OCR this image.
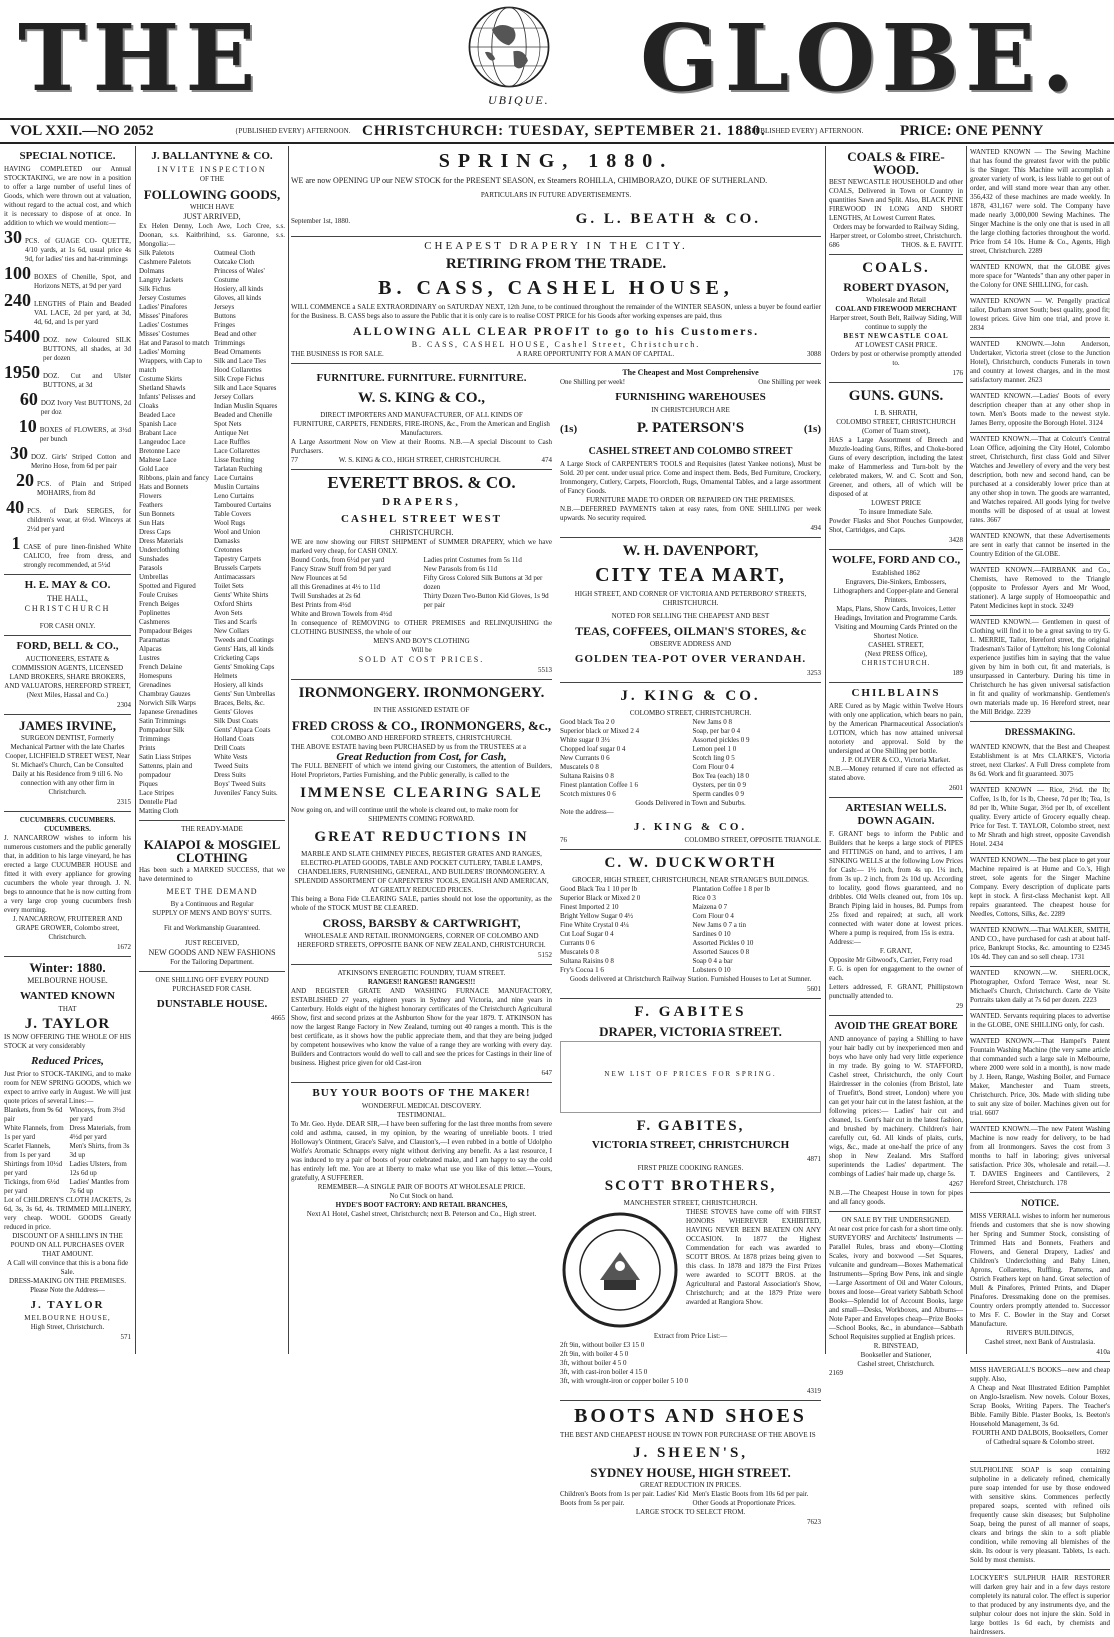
THE	UBIQUE. GLOBE.
VOL XXII.—NO 2052	{PUBLISHED EVERY} AFTERNOON. CHRISTCHURCH: TUESDAY, SEPTEMBER 21. 1880.
{PUBLISHED EVERY} AFTERNOON. PRICE: ONE PENNY
SPECIAL NOTICE.
HAVING COMPLETED our Annual STOCKTAKING, we are now in a position to offer a large number of useful lines of Goods, which were thrown out at valuation, without regard to the actual cost, and which it is necessary to dispose of at once. In addition to which we would mention:—
30 PCS. of GUAGE CO- QUETTE, 4/10 yards, at 1s 6d, usual price 4s 9d, for ladies' ties and hat-trimmings
100 BOXES of Chenille, Spot, and Horizons NETS, at 9d per yard
240 LENGTHS of Plain and Beaded VAL LACE, 2d per yard, at 3d, 4d, 6d, and 1s per yard
5400 DOZ. new Coloured SILK BUTTONS, all shades, at 3d per dozen
1950 DOZ. Cut and Ulster BUTTONS, at 3d
60 DOZ Ivory Vest BUTTONS, 2d per doz
10 BOXES of FLOWERS, at 3½d per bunch
30 DOZ. Girls' Striped Cotton and Merino Hose, from 6d per pair
20 PCS. of Plain and Striped MOHAIRS, from 8d
40 PCS. of Dark SERGES, for children's wear, at 6½d. Winceys at 2½d per yard
1 CASE of pure linen-finished White CALICO, free from dress, and strongly recommended, at 5½d
H. E. MAY & CO.
THE HALL,
CHRISTCHURCH
FOR CASH ONLY.
FORD, BELL & CO.,
AUCTIONEERS, ESTATE & COMMISSION AGENTS, LICENSED LAND BROKERS, SHARE BROKERS, AND VALUATORS, HEREFORD STREET, (Next Miles, Hassal and Co.)
2304
JAMES IRVINE,
SURGEON DENTIST, Formerly Mechanical Partner with the late Charles Cooper, LICHFIELD STREET WEST, Near St. Michael's Church, Can be Consulted Daily at his Residence from 9 till 6. No connection with any other firm in Christchurch.
2315
CUCUMBERS. CUCUMBERS. CUCUMBERS.
J. NANCARROW wishes to inform his numerous customers and the public generally that, in addition to his large vineyard, he has erected a large CUCUMBER HOUSE and fitted it with every appliance for growing cucumbers the whole year through. J. N. begs to announce that he is now cutting from a very large crop young cucumbers fresh every morning.
J. NANCARROW, FRUITERER AND GRAPE GROWER, Colombo street, Christchurch.
1672
Winter: 1880.
MELBOURNE HOUSE.
WANTED KNOWN
THAT
J. TAYLOR
IS NOW OFFERING THE WHOLE OF HIS STOCK at very considerably
Reduced Prices,
Just Prior to STOCK-TAKING, and to make room for NEW SPRING GOODS, which we expect to arrive early in August. We will just quote prices of several Lines:—
Blankets, from 9s 6d pair
White Flannels, from 1s per yard
Scarlet Flannels, from 1s per yard
Shirtings from 10½d per yard
Tickings, from 6½d per yard
Winceys, from 3½d per yard
Dress Materials, from 4½d per yard
Men's Shirts, from 3s 3d up
Ladies Ulsters, from 12s 6d up
Ladies' Mantles from 7s 6d up
Lot of CHILDREN'S CLOTH JACKETS, 2s 6d, 3s, 3s 6d, 4s. TRIMMED MILLINERY, very cheap. WOOL GOODS Greatly reduced in price.
DISCOUNT OF A SHILLIN'S IN THE POUND ON ALL PURCHASES OVER THAT AMOUNT.
A Call will convince that this is a bona fide Sale.
DRESS-MAKING ON THE PREMISES.
Please Note the Address—
J. TAYLOR
MELBOURNE HOUSE,
High Street, Christchurch.
571
J. BALLANTYNE & CO.
INVITE INSPECTION
OF THE
FOLLOWING GOODS,
WHICH HAVE
JUST ARRIVED,
Ex Helen Denny, Loch Awe, Loch Cree, s.s. Doonan, s.s. Kaitbrihind, s.s. Garonne, s.s. Mongolia:—
Silk Paletots
Cashmere Paletots
Dolmans
Langtry Jackets
Silk Fichus
Jersey Costumes
Ladies' Pinafores
Misses' Pinafores
Ladies' Costumes
Misses' Costumes
Hat and Parasol to match
Ladies' Morning Wrappers, with Cap to match
Costume Skirts
Shetland Shawls
Infants' Pelisses and Cloaks
Beaded Lace
Spanish Lace
Brabant Lace
Langeudoc Lace
Bretonne Lace
Maltese Lace
Gold Lace
Ribbons, plain and fancy
Hats and Bonnets
Flowers
Feathers
Sun Bonnets
Sun Hats
Dress Caps
Dress Materials
Underclothing
Sunshades
Parasols
Umbrellas
Spotted and Figured Foule Cruises
French Beiges
Poplinettes
Cashmeres
Pompadour Beiges
Paramattas
Alpacas
Lustres
French Delaine
Homespuns
Grenadines
Chambray Gauzes
Norwich Silk Warps
Japanese Grenadines
Satin Trimmings
Pompadour Silk Trimmings
Prints
Satin Liass Stripes
Sattenns, plain and pompadour
Piques
Lace Stripes
Dentelle Plad
Matting Cloth
Oatmeal Cloth
Oatcake Cloth
Princess of Wales' Costume
Hosiery, all kinds
Gloves, all kinds
Jerseys
Buttons
Fringes
Bead and other Trimmings
Bead Ornaments
Silk and Lace Ties
Hood Collarettes
Silk Crepe Fichus
Silk and Lace Squares
Jersey Collars
Indian Muslin Squares
Beaded and Chenille Spot Nets
Antique Net
Lace Ruffles
Lace Collarettes
Lisse Ruching
Tarlatan Ruching
Lace Curtains
Muslin Curtains
Leno Curtains
Tamboured Curtains
Table Covers
Wool Rugs
Wool and Union Damasks
Cretonnes
Tapestry Carpets
Brussels Carpets
Antimacassars
Toilet Sets
Gents' White Shirts
Oxford Shirts
Avon Sets
Ties and Scarfs
New Collars
Tweeds and Coatings
Gents' Hats, all kinds
Cricketing Caps
Gents' Smoking Caps
Helmets
Hosiery, all kinds
Gents' Sun Umbrellas
Braces, Belts, &c.
Gents' Gloves
Silk Dust Coats
Gents' Alpaca Coats
Holland Coats
Drill Coats
White Vests
Tweed Suits
Dress Suits
Boys' Tweed Suits
Juveniles' Fancy Suits.
THE READY-MADE
KAIAPOI & MOSGIEL CLOTHING
Has been such a MARKED SUCCESS, that we have determined to
MEET THE DEMAND
By a Continuous and Regular
SUPPLY OF MEN'S AND BOYS' SUITS.
Fit and Workmanship Guaranteed.
JUST RECEIVED,
NEW GOODS AND NEW FASHIONS
For the Tailoring Department.
ONE SHILLING OFF EVERY POUND PURCHASED FOR CASH.
DUNSTABLE HOUSE.
4665
SPRING, 1880.
WE are now OPENING UP our NEW STOCK for the PRESENT SEASON, ex Steamers ROHILLA, CHIMBORAZO, DUKE OF SUTHERLAND.
PARTICULARS IN FUTURE ADVERTISEMENTS.
September 1st, 1880.	G. L. BEATH & CO.
CHEAPEST DRAPERY IN THE CITY.
RETIRING FROM THE TRADE.
B. CASS, CASHEL HOUSE,
WILL COMMENCE a SALE EXTRAORDINARY on SATURDAY NEXT, 12th June, to be continued throughout the remainder of the WINTER SEASON, unless a buyer be found earlier for the Business. B. CASS begs also to assure the Public that it is only care is to realise COST PRICE for his Goods after working expenses are paid, thus
ALLOWING ALL CLEAR PROFIT to go to his Customers.
B. CASS, CASHEL HOUSE, Cashel Street, Christchurch.
THE BUSINESS IS FOR SALE.	A RARE OPPORTUNITY FOR A MAN OF CAPITAL.	3088
FURNITURE. FURNITURE. FURNITURE.
W. S. KING & CO.,
DIRECT IMPORTERS AND MANUFACTURER, OF ALL KINDS OF
FURNITURE, CARPETS, FENDERS, FIRE-IRONS, &c., From the American and English Manufacturers.
A Large Assortment Now on View at their Rooms. N.B.—A special Discount to Cash Purchasers.
77	W. S. KING & CO., HIGH STREET, CHRISTCHURCH.	474
EVERETT BROS. & CO.
DRAPERS,
CASHEL STREET WEST
CHRISTCHURCH.
WE are now showing our FIRST SHIPMENT of SUMMER DRAPERY, which we have marked very cheap, for CASH ONLY.
Bound Cords, from 6½d per yard
Fancy Straw Stuff from 9d per yard
New Flounces at 5d
all this Grenadines at 4½ to 11d
Twill Sunshades at 2s 6d
Best Prints from 4½d
White and Brown Towels from 4½d
Ladies print Costumes from 5s 11d
New Parasols from 6s 11d
Fifty Gross Colored Silk Buttons at 3d per dozen
Thirty Dozen Two-Button Kid Gloves, 1s 9d per pair
In consequence of REMOVING to OTHER PREMISES and RELINQUISHING the CLOTHING BUSINESS, the whole of our
MEN'S AND BOY'S CLOTHING
Will be
SOLD AT COST PRICES.
5513
IRONMONGERY. IRONMONGERY.
IN THE ASSIGNED ESTATE OF
FRED CROSS & CO., IRONMONGERS, &c.,
COLOMBO AND HEREFORD STREETS, CHRISTCHURCH.
THE ABOVE ESTATE having been PURCHASED by us from the TRUSTEES at a
Great Reduction from Cost, for Cash,
The FULL BENEFIT of which we intend giving our Customers, the attention of Builders, Hotel Proprietors, Parties Furnishing, and the Public generally, is called to the
IMMENSE CLEARING SALE
Now going on, and will continue until the whole is cleared out, to make room for
SHIPMENTS COMING FORWARD.
GREAT REDUCTIONS IN
MARBLE AND SLATE CHIMNEY PIECES, REGISTER GRATES AND RANGES, ELECTRO-PLATED GOODS, TABLE AND POCKET CUTLERY, TABLE LAMPS, CHANDELIERS, FURNISHING, GENERAL, AND BUILDERS' IRONMONGERY. A SPLENDID ASSORTMENT OF CARPENTERS' TOOLS, ENGLISH AND AMERICAN, AT GREATLY REDUCED PRICES.
This being a Bona Fide CLEARING SALE, parties should not lose the opportunity, as the whole of the STOCK MUST BE CLEARED.
CROSS, BARSBY & CARTWRIGHT,
WHOLESALE AND RETAIL IRONMONGERS, CORNER OF COLOMBO AND HEREFORD STREETS, OPPOSITE BANK OF NEW ZEALAND, CHRISTCHURCH.
5152
ATKINSON'S ENERGETIC FOUNDRY, TUAM STREET.
RANGES!! RANGES!! RANGES!!!
AND REGISTER GRATE AND WASHING FURNACE MANUFACTORY, ESTABLISHED 27 years, eighteen years in Sydney and Victoria, and nine years in Canterbury. Holds eight of the highest honorary certificates of the Christchurch Agricultural Show, first and second prizes at the Ashburton Show for the year 1879. T. ATKINSON has now the largest Range Factory in New Zealand, turning out 40 ranges a month. This is the best certificate, as it shows how the public appreciate them, and that they are being judged by competent housewives who know the value of a range they are working with every day. Builders and Contractors would do well to call and see the prices for Castings in their line of business. Highest price given for old Cast-iron
647
BUY YOUR BOOTS OF THE MAKER!
WONDERFUL MEDICAL DISCOVERY.
TESTIMONIAL.
To Mr. Geo. Hyde. DEAR SIR,—I have been suffering for the last three months from severe cold and asthma, caused, in my opinion, by the wearing of unreliable boots. I tried Holloway's Ointment, Grace's Salve, and Clauston's,—I even rubbed in a bottle of Udolpho Wolfe's Aromatic Schnapps every night without deriving any benefit. As a last resource, I was induced to try a pair of boots of your celebrated make, and I am happy to say the cold has entirely left me. You are at liberty to make what use you like of this letter.—Yours, gratefully, A SUFFERER.
REMEMBER—A SINGLE PAIR OF BOOTS AT WHOLESALE PRICE.
No Cut Stock on hand.
HYDE'S BOOT FACTORY: AND RETAIL BRANCHES,
Next A1 Hotel, Cashel street, Christchurch; next B. Peterson and Co., High street.
The Cheapest and Most Comprehensive
One Shilling per week!	One Shilling per week
FURNISHING WAREHOUSES
IN CHRISTCHURCH ARE
(1s)	P. PATERSON'S	(1s)
CASHEL STREET AND COLOMBO STREET
A Large Stock of CARPENTER'S TOOLS and Requisites (latest Yankee notions), Must be Sold. 20 per cent. under usual price. Come and inspect them. Beds, Bed Furniture, Crockery, Ironmongery, Cutlery, Carpets, Floorcloth, Rugs, Ornamental Tables, and a large assortment of Fancy Goods.
FURNITURE MADE TO ORDER OR REPAIRED ON THE PREMISES.
N.B.—DEFERRED PAYMENTS taken at easy rates, from ONE SHILLING per week upwards. No security required.
494
W. H. DAVENPORT,
CITY TEA MART,
HIGH STREET, AND CORNER OF VICTORIA AND PETERBORO' STREETS, CHRISTCHURCH.
NOTED FOR SELLING THE CHEAPEST AND BEST
TEAS, COFFEES, OILMAN'S STORES, &c
OBSERVE ADDRESS AND
GOLDEN TEA-POT OVER VERANDAH.
3253
J. KING & CO.
COLOMBO STREET, CHRISTCHURCH.
Good black Tea 2 0
Superior black or Mixed 2 4
White sugar 0 3½
Chopped loaf sugar 0 4
New Currants 0 6
Muscatels 0 8
Sultana Raisins 0 8
Finest plantation Coffee 1 6
Scotch mixtures 0 6
New Jams 0 8
Soap, per bar 0 4
Assorted pickles 0 9
Lemon peel 1 0
Scotch ling 0 5
Corn Flour 0 4
Box Tea (each) 18 0
Oysters, per tin 0 9
Sperm candles 0 9
Goods Delivered in Town and Suburbs.
Note the address—
J. KING & CO.
76	COLOMBO STREET, OPPOSITE TRIANGLE.
C. W. DUCKWORTH
GROCER, HIGH STREET, CHRISTCHURCH, NEAR STRANGE'S BUILDINGS.
Good Black Tea 1 10 per lb
Superior Black or Mixed 2 0
Finest Imported 2 10
Bright Yellow Sugar 0 4½
Fine White Crystal 0 4¼
Cut Loaf Sugar 0 4
Currants 0 6
Muscatels 0 8
Sultana Raisins 0 8
Fry's Cocoa 1 6
Plantation Coffee 1 8 per lb
Rice 0 3
Maizena 0 7
Corn Flour 0 4
New Jams 0 7 a tin
Sardines 0 10
Assorted Pickles 0 10
Assorted Sauces 0 8
Soap 0 4 a bar
Lobsters 0 10
Goods delivered at Christchurch Railway Station. Furnished Houses to Let at Sumner.
5601
F. GABITES
DRAPER, VICTORIA STREET.
NEW LIST OF PRICES FOR SPRING.
F. GABITES,
VICTORIA STREET, CHRISTCHURCH
4871
FIRST PRIZE COOKING RANGES.
SCOTT BROTHERS,
MANCHESTER STREET, CHRISTCHURCH.
THESE STOVES have come off with FIRST HONORS WHEREVER EXHIBITED, HAVING NEVER BEEN BEATEN ON ANY OCCASION. In 1877 the Highest Commendation for each was awarded to SCOTT BROS. At 1878 prizes being given to this class. In 1878 and 1879 the First Prizes were awarded to SCOTT BROS. at the Agricultural and Pastoral Association's Show, Christchurch; and at the 1879 Prize were awarded at Rangiora Show.
Extract from Price List:—
2ft 9in, without boiler £3 15 0
2ft 9in, with boiler 4 5 0
3ft, without boiler 4 5 0
3ft, with cast-iron boiler 4 15 0
3ft, with wrought-iron or copper boiler 5 10 0
4319
BOOTS AND SHOES
THE BEST AND CHEAPEST HOUSE IN TOWN FOR PURCHASE OF THE ABOVE IS
J. SHEEN'S,
SYDNEY HOUSE, HIGH STREET.
GREAT REDUCTION IN PRICES.
Children's Boots from 1s per pair. Ladies' Kid Boots from 5s per pair.
Men's Elastic Boots from 10s 6d per pair. Other Goods at Proportionate Prices.
LARGE STOCK TO SELECT FROM.
7623
COALS & FIRE-WOOD.
BEST NEWCASTLE HOUSEHOLD and other COALS, Delivered in Town or Country in quantities Sawn and Split. Also, BLACK PINE FIREWOOD IN LONG AND SHORT LENGTHS, At Lowest Current Rates.
Orders may be forwarded to Railway Siding, Harper street, or Colombo street, Christchurch.
686	THOS. & E. FAVITT.
COALS.
ROBERT DYASON,
Wholesale and Retail
COAL AND FIREWOOD MERCHANT
Harper street, South Belt, Railway Siding, Will continue to supply the
BEST NEWCASTLE COAL
AT LOWEST CASH PRICE.
Orders by post or otherwise promptly attended to.
176
GUNS. GUNS.
I. B. SHRATH,
COLOMBO STREET, CHRISTCHURCH (Corner of Tuam street),
HAS a Large Assortment of Breech and Muzzle-loading Guns, Rifles, and Choke-bored Guns of every description, including the latest make of Hammerless and Turn-bolt by the celebrated makers, W. and C. Scott and Son, Greener, and others, all of which will be disposed of at
LOWEST PRICE
To insure Immediate Sale.
Powder Flasks and Shot Pouches Gunpowder, Shot, Cartridges, and Caps.
3428
WOLFE, FORD AND CO.,
Established 1862
Engravers, Die-Sinkers, Embossers, Lithographers and Copper-plate and General Printers.
Maps, Plans, Show Cards, Invoices, Letter Headings, Invitation and Programme Cards.
Visiting and Mourning Cards Printed on the Shortest Notice.
CASHEL STREET,
(Next PRESS Office),
CHRISTCHURCH.
189
CHILBLAINS
ARE Cured as by Magic within Twelve Hours with only one application, which bears no pain, by the American Pharmaceutical Association's LOTION, which has now attained universal notoriety and approval. Sold by the undersigned at One Shilling per bottle.
J. P. OLIVER & CO., Victoria Market.
N.B.—Money returned if cure not effected as stated above.
2601
ARTESIAN WELLS. DOWN AGAIN.
F. GRANT begs to inform the Public and Builders that he keeps a large stock of PIPES and FITTINGS on hand, and to arrives, I am SINKING WELLS at the following Low Prices for Cash:— 1½ inch, from 4s up. 1¼ inch, from 3s up. 2 inch, from 2s 10d up. According to locality, good flows guaranteed, and no dribbles. Old Wells cleaned out, from 10s up. Branch Piping laid in houses, 8d. Pumps from 25s fixed and repaired; at such, all work connected with water done at lowest prices. Where a pump is required, from 15s is extra.
Address:—
F. GRANT,
Opposite Mr Gibwood's, Carrier, Ferry road
F. G. is open for engagement to the owner of each.
Letters addressed, F. GRANT, Phillipstown punctually attended to.
29
AVOID THE GREAT BORE
AND annoyance of paying a Shilling to have your hair badly cut by inexperienced men and boys who have only had very little experience in my trade. By going to W. STAFFORD, Cashel street, Christchurch, the only Court Hairdresser in the colonies (from Bristol, late of Truefitt's, Bond street, London) where you can get your hair cut in the latest fashion, at the following prices:— Ladies' hair cut and cleaned, 1s. Gent's hair cut in the latest fashion, and brushed by machinery. Children's hair carefully cut, 6d. All kinds of plaits, curls, wigs, &c., made at one-half the price of any shop in New Zealand. Mrs Stafford superintends the Ladies' department. The combings of Ladies' hair made up, charge 5s.
4267
N.B.—The Cheapest House in town for pipes and all fancy goods.
ON SALE BY THE UNDERSIGNED.
At near cost price for cash for a short time only.
SURVEYORS' and Architects' Instruments — Parallel Rules, brass and ebony—Clotting Scales, ivory and boxwood —Set Squares, vulcanite and gundream—Boxes Mathematical Instruments—Spring Bow Pens, ink and single—Large Assortment of Oil and Water Colours, boxes and loose—Great variety Sabbath School Books—Splendid lot of Account Books, large and small—Desks, Workboxes, and Albums—Note Paper and Envelopes cheap—Prize Books—School Books, &c., in abundance—Sabbath School Requisites supplied at English prices.
R. BINSTEAD,
Bookseller and Stationer,
Cashel street, Christchurch.
2169
WANTED KNOWN — The Sewing Machine that has found the greatest favor with the public is the Singer. This Machine will accomplish a greater variety of work, is less liable to get out of order, and will stand more wear than any other. 356,432 of these machines are made weekly. In 1878, 431,167 were sold. The Company have made nearly 3,000,000 Sewing Machines. The Singer Machine is the only one that is used in all the large clothing factories throughout the world. Price from £4 10s. Hume & Co., Agents, High street, Christchurch. 2289
WANTED KNOWN, that the GLOBE gives more space for "Wanteds" than any other paper in the Colony for ONE SHILLING, for cash.
WANTED KNOWN — W. Pengelly practical tailor, Durham street South; best quality, good fit; lowest prices. Give him one trial, and prove it. 2834
WANTED KNOWN.—John Anderson, Undertaker, Victoria street (close to the Junction Hotel), Christchurch, conducts Funerals in town and country at lowest charges, and in the most satisfactory manner. 2623
WANTED KNOWN.—Ladies' Boots of every description cheaper than at any other shop in town. Men's Boots made to the newest style. James Berry, opposite the Borough Hotel. 3124
WANTED KNOWN.—That at Colcutt's Central Loan Office, adjoining the City Hotel, Colombo street, Christchurch, first class Gold and Silver Watches and Jewellery of every and the very best description, both new and second hand, can be purchased at a considerably lower price than at any other shop in town. The goods are warranted, and Watches repaired. All goods lying for twelve months will be disposed of at usual at lowest rates. 3667
WANTED KNOWN, that these Advertisements are sent in early that cannot be inserted in the Country Edition of the GLOBE.
WANTED KNOWN.—FAIRBANK and Co., Chemists, have Removed to the Triangle (opposite to Professor Ayers and Mr Wood, stationer). A large supply of Homoeopathic and Patent Medicines kept in stock. 3249
WANTED KNOWN.— Gentlemen in quest of Clothing will find it to be a great saving to try G. L. MERRIE, Tailor, Hereford street, the original Tradesman's Tailor of Lyttelton; his long Colonial experience justifies him in saying that the value given by him in both cut, fit and materials, is unsurpassed in Canterbury. During his time in Christchurch he has given universal satisfaction in fit and quality of workmanship. Gentlemen's own materials made up. 16 Hereford street, near the Mill Bridge. 2239
DRESSMAKING.
WANTED KNOWN, that the Best and Cheapest Establishment is at Mrs CLARKE'S, Victoria street, next Clarkes'. A Full Dress complete from 8s 6d. Work and fit guaranteed. 3075
WANTED KNOWN — Rice, 2½d. the lb; Coffee, 1s lb, for 1s lb, Cheese, 7d per lb; Tea, 1s 8d per lb, White Sugar, 3½d per lb, of excellent quality. Every article of Grocery equally cheap. Price for Test. T. TAYLOR, Colombo street, next to Mr Shrath and high street, opposite Cavendish Hotel. 2434
WANTED KNOWN.—The best place to get your Machine repaired is at Hume and Co.'s, High street, sole agents for the Singer Machine Company. Every description of duplicate parts kept in stock. A first-class Mechanist kept. All repairs guaranteed. The cheapest house for Needles, Cottons, Silks, &c. 2289
WANTED KNOWN.—That WALKER, SMITH, AND CO., have purchased for cash at about half-price, Bankrupt Stocks, &c. amounting to £2345 10s 4d. They can and so sell cheap. 1731
WANTED KNOWN.—W. SHERLOCK, Photographer, Oxford Terrace West, near St. Michael's Church, Christchurch. Carte de Visite Portraits taken daily at 7s 6d per dozen. 2223
WANTED. Servants requiring places to advertise in the GLOBE, ONE SHILLING only, for cash.
WANTED KNOWN.—That Hampel's Patent Fountain Washing Machine (the very same article that commanded such a large sale in Melbourne, where 2000 were sold in a month), is now made by J. Heen, Range, Washing Boiler, and Furnace Maker, Manchester and Tuam streets, Christchurch. Price, 30s. Made with sliding tube to suit any size of boiler. Machines given out for trial. 6607
WANTED KNOWN.—The new Patent Washing Machine is now ready for delivery, to be had from all Ironmongers. Saves the cost from 3 months to half in laboring; gives universal satisfaction. Price 30s, wholesale and retail.—J. T. DAVIES Engineers and Cantilevers, 2 Hereford Street, Christchurch. 178
NOTICE.
MISS VERRALL wishes to inform her numerous friends and customers that she is now showing her Spring and Summer Stock, consisting of Trimmed Hats and Bonnets, Feathers and Flowers, and General Drapery, Ladies' and Children's Underclothing and Baby Linen, Aprons, Collarettes, Ruffling. Patterns, and Ostrich Feathers kept on hand. Great selection of Mull & Pinafores, Printed Prints, and Diaper Pinafores. Dressmaking done on the premises. Country orders promptly attended to. Successor to Mrs F. C. Bowler in the Stay and Corset Manufacture.
RIVER'S BUILDINGS,
Cashel street, next Bank of Australasia.
410a
MISS HAVERGALL'S BOOKS—new and cheap supply. Also,
A Cheap and Neat Illustrated Edition Pamphlet on Anglo-Israelism. New novels. Colour Boxes, Scrap Books, Writing Papers. The Teacher's Bible. Family Bible. Plaster Books, 1s. Beeton's Household Management, 3s 6d.
FOURTH AND DALBOIS, Booksellers, Corner of Cathedral square & Colombo street.
1692
SULPHOLINE SOAP is soap containing sulpholine in a delicately refined, chemically pure soap intended for use by those endowed with sensitive skins. Commences perfectly prepared soaps, scented with refined oils frequently cause skin diseases; but Sulpholine Soap, being the purest of all manner of soaps, clears and brings the skin to a soft pliable condition, while removing all blemishes of the skin. Its odour is very pleasant. Tablets, 1s each. Sold by most chemists.
LOCKYER'S SULPHUR HAIR RESTORER will darken grey hair and in a few days restore completely its natural color. The effect is superior to that produced by any instruments dye, and the sulphur colour does not injure the skin. Sold in large bottles 1s 6d each, by chemists and hairdressers.
